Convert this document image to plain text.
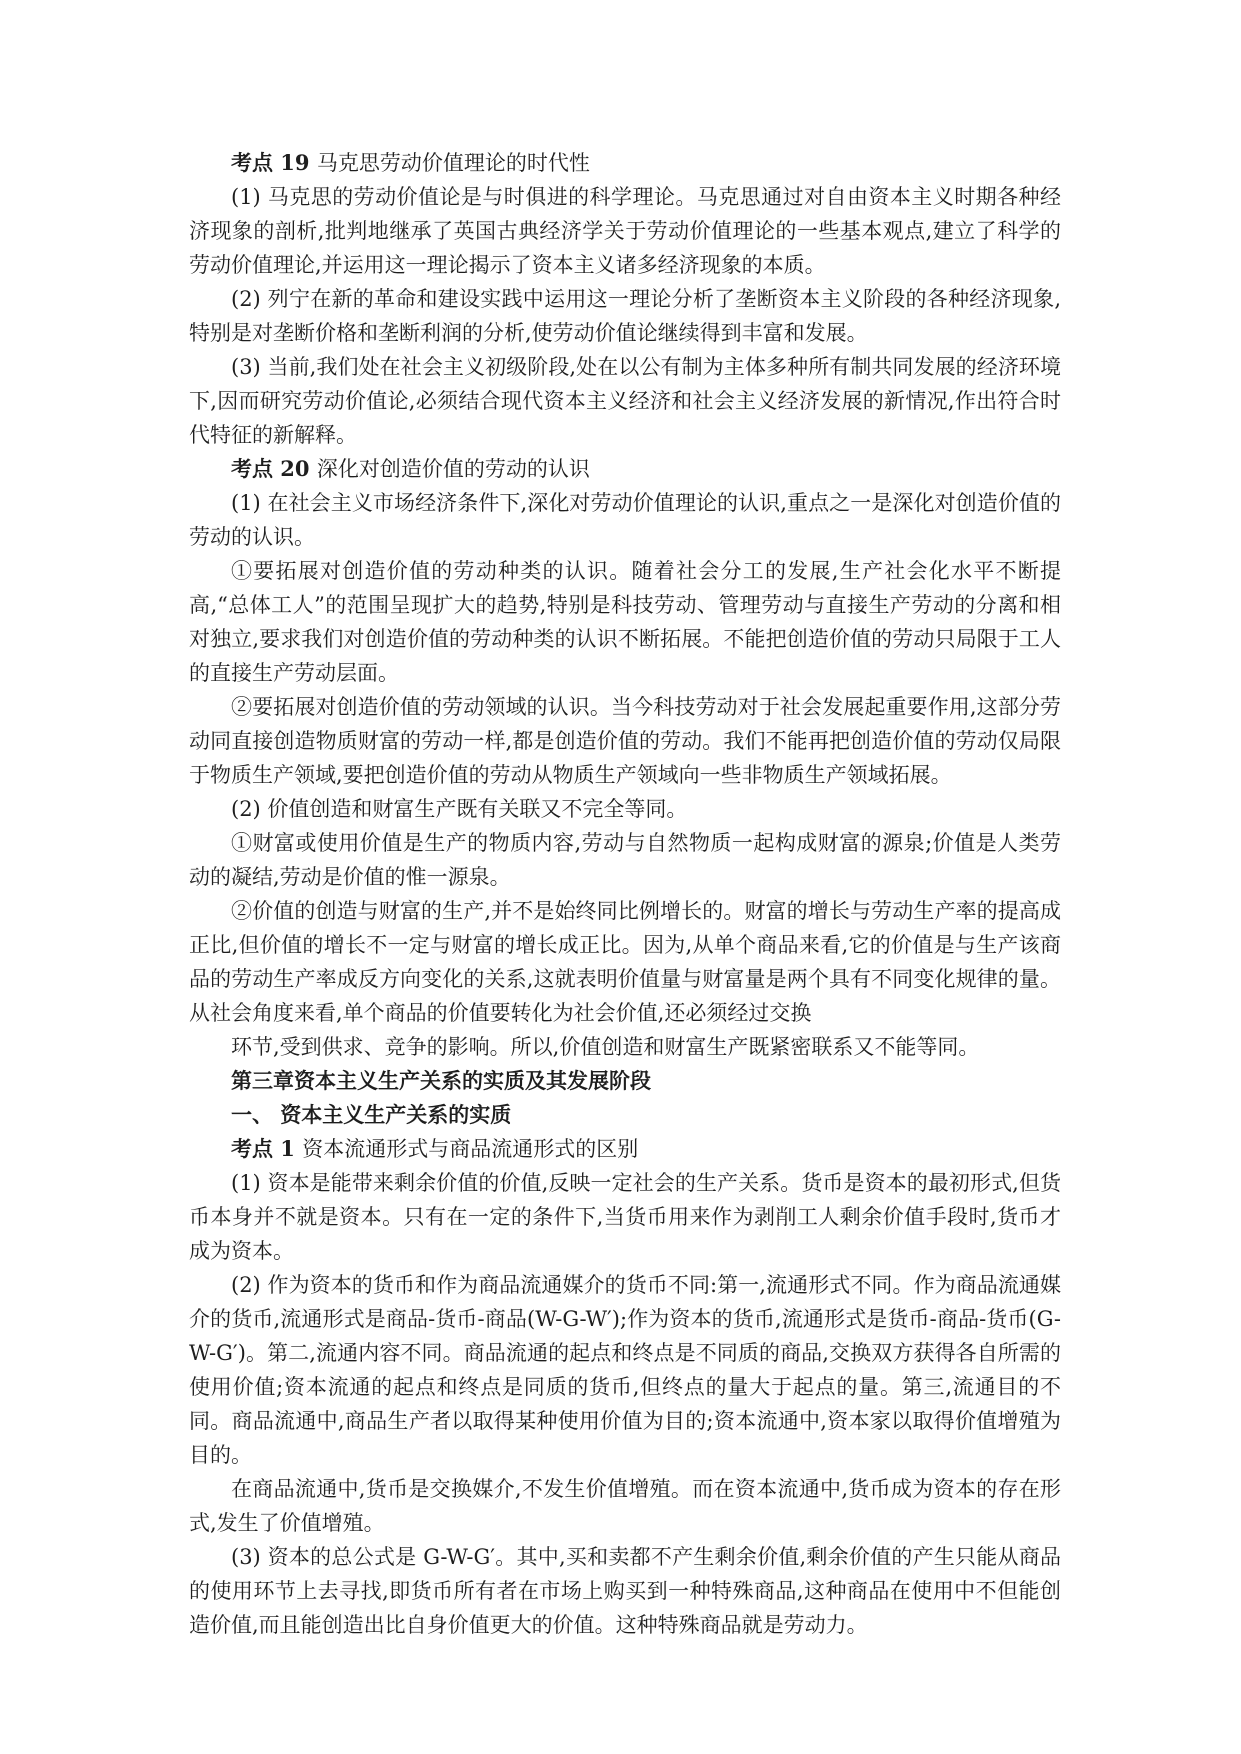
考点 19 马克思劳动价值理论的时代性

(1) 马克思的劳动价值论是与时俱进的科学理论。马克思通过对自由资本主义时期各种经济现象的剖析,批判地继承了英国古典经济学关于劳动价值理论的一些基本观点,建立了科学的劳动价值理论,并运用这一理论揭示了资本主义诸多经济现象的本质。

(2) 列宁在新的革命和建设实践中运用这一理论分析了垄断资本主义阶段的各种经济现象,特别是对垄断价格和垄断利润的分析,使劳动价值论继续得到丰富和发展。

(3) 当前,我们处在社会主义初级阶段,处在以公有制为主体多种所有制共同发展的经济环境下,因而研究劳动价值论,必须结合现代资本主义经济和社会主义经济发展的新情况,作出符合时代特征的新解释。

考点 20 深化对创造价值的劳动的认识

(1) 在社会主义市场经济条件下,深化对劳动价值理论的认识,重点之一是深化对创造价值的劳动的认识。

①要拓展对创造价值的劳动种类的认识。随着社会分工的发展,生产社会化水平不断提高,“总体工人”的范围呈现扩大的趋势,特别是科技劳动、管理劳动与直接生产劳动的分离和相对独立,要求我们对创造价值的劳动种类的认识不断拓展。不能把创造价值的劳动只局限于工人的直接生产劳动层面。

②要拓展对创造价值的劳动领域的认识。当今科技劳动对于社会发展起重要作用,这部分劳动同直接创造物质财富的劳动一样,都是创造价值的劳动。我们不能再把创造价值的劳动仅局限于物质生产领域,要把创造价值的劳动从物质生产领域向一些非物质生产领域拓展。

(2) 价值创造和财富生产既有关联又不完全等同。

①财富或使用价值是生产的物质内容,劳动与自然物质一起构成财富的源泉;价值是人类劳动的凝结,劳动是价值的惟一源泉。

②价值的创造与财富的生产,并不是始终同比例增长的。财富的增长与劳动生产率的提高成正比,但价值的增长不一定与财富的增长成正比。因为,从单个商品来看,它的价值是与生产该商品的劳动生产率成反方向变化的关系,这就表明价值量与财富量是两个具有不同变化规律的量。从社会角度来看,单个商品的价值要转化为社会价值,还必须经过交换

环节,受到供求、竞争的影响。所以,价值创造和财富生产既紧密联系又不能等同。

第三章资本主义生产关系的实质及其发展阶段

一、 资本主义生产关系的实质

考点 1 资本流通形式与商品流通形式的区别

(1) 资本是能带来剩余价值的价值,反映一定社会的生产关系。货币是资本的最初形式,但货币本身并不就是资本。只有在一定的条件下,当货币用来作为剥削工人剩余价值手段时,货币才成为资本。

(2) 作为资本的货币和作为商品流通媒介的货币不同:第一,流通形式不同。作为商品流通媒介的货币,流通形式是商品-货币-商品(W-G-W′);作为资本的货币,流通形式是货币-商品-货币(G-W-G′)。第二,流通内容不同。商品流通的起点和终点是不同质的商品,交换双方获得各自所需的使用价值;资本流通的起点和终点是同质的货币,但终点的量大于起点的量。第三,流通目的不同。商品流通中,商品生产者以取得某种使用价值为目的;资本流通中,资本家以取得价值增殖为目的。

在商品流通中,货币是交换媒介,不发生价值增殖。而在资本流通中,货币成为资本的存在形式,发生了价值增殖。

(3) 资本的总公式是 G-W-G′。其中,买和卖都不产生剩余价值,剩余价值的产生只能从商品的使用环节上去寻找,即货币所有者在市场上购买到一种特殊商品,这种商品在使用中不但能创造价值,而且能创造出比自身价值更大的价值。这种特殊商品就是劳动力。
